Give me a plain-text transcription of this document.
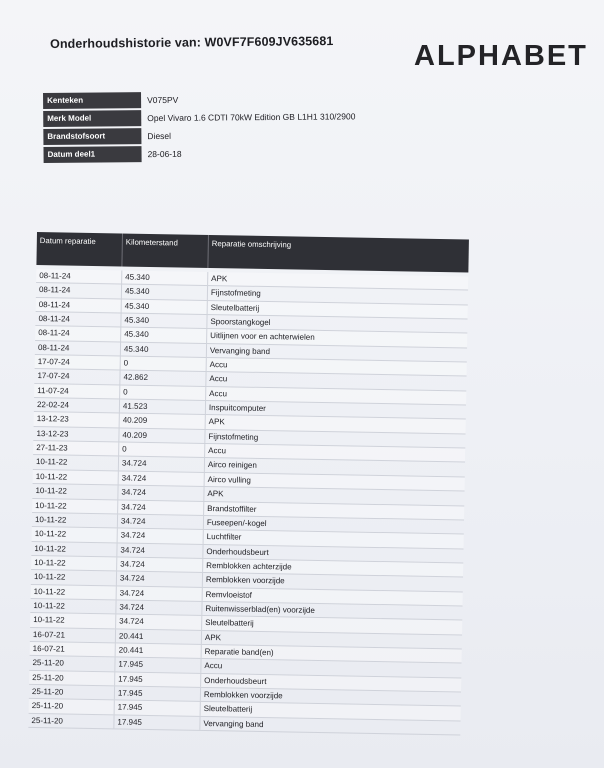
Onderhoudshistorie van: W0VF7F609JV635681	ALPHABET
Kenteken	V075PV
Merk Model	Opel Vivaro 1.6 CDTI 70kW Edition GB L1H1 310/2900
Brandstofsoort	Diesel
Datum deel1	28-06-18
Datum reparatie	Kilometerstand	Reparatie omschrijving
08-11-24	45.340	APK
08-11-24	45.340	Fijnstofmeting
08-11-24	45.340	Sleutelbatterij
08-11-24	45.340	Spoorstangkogel
08-11-24	45.340	Uitlijnen voor en achterwielen
08-11-24	45.340	Vervanging band
17-07-24	0	Accu
17-07-24	42.862	Accu
11-07-24	0	Accu
22-02-24	41.523	Inspuitcomputer
13-12-23	40.209	APK
13-12-23	40.209	Fijnstofmeting
27-11-23	0	Accu
10-11-22	34.724	Airco reinigen
10-11-22	34.724	Airco vulling
10-11-22	34.724	APK
10-11-22	34.724	Brandstoffilter
10-11-22	34.724	Fuseepen/-kogel
10-11-22	34.724	Luchtfilter
10-11-22	34.724	Onderhoudsbeurt
10-11-22	34.724	Remblokken achterzijde
10-11-22	34.724	Remblokken voorzijde
10-11-22	34.724	Remvloeistof
10-11-22	34.724	Ruitenwisserblad(en) voorzijde
10-11-22	34.724	Sleutelbatterij
16-07-21	20.441	APK
16-07-21	20.441	Reparatie band(en)
25-11-20	17.945	Accu
25-11-20	17.945	Onderhoudsbeurt
25-11-20	17.945	Remblokken voorzijde
25-11-20	17.945	Sleutelbatterij
25-11-20	17.945	Vervanging band
